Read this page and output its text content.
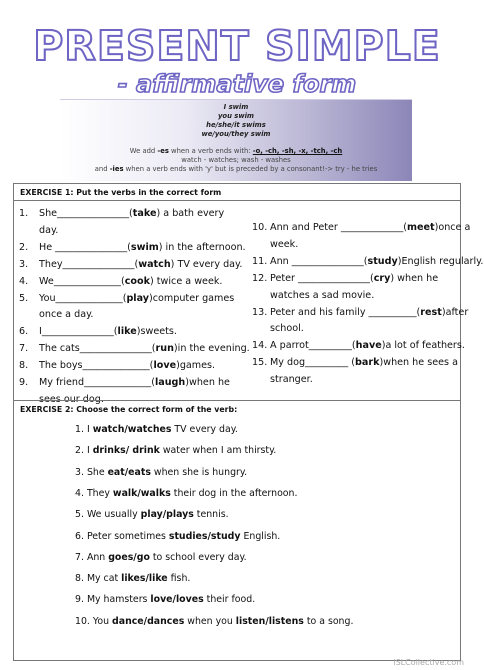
PRESENT SIMPLE
- affirmative form
I swim
you swim
he/she/it swims
we/you/they swim
We add -es when a verb ends with: -o, -ch, -sh, -x, -tch, -ch
watch - watches; wash - washes
and -ies when a verb ends with 'y' but is preceded by a consonant!-> try - he tries
EXERCISE 1: Put the verbs in the correct form
1. She_______________(take) a bath every
day.
2. He _______________(swim) in the afternoon.
3. They_______________(watch) TV every day.
4. We______________(cook) twice a week.
5. You______________(play)computer games
once a day.
6. I_______________(like)sweets.
7. The cats_______________(run)in the evening.
8. The boys______________(love)games.
9. My friend______________(laugh)when he
10. Ann and Peter _____________(meet)once a
week.
11. Ann _______________(study)English regularly.
12. Peter _______________(cry) when he
watches a sad movie.
13. Peter and his family __________(rest)after
school.
14. A parrot_________(have)a lot of feathers.
15. My dog_________ (bark)when he sees a
stranger.
EXERCISE 2: Choose the correct form of the verb:
1. I watch/watches TV every day.
2. I drinks/ drink water when I am thirsty.
3. She eat/eats when she is hungry.
4. They walk/walks their dog in the afternoon.
5. We usually play/plays tennis.
6. Peter sometimes studies/study English.
7. Ann goes/go to school every day.
8. My cat likes/like fish.
9. My hamsters love/loves their food.
10. You dance/dances when you listen/listens to a song.
iSLCollective.com
